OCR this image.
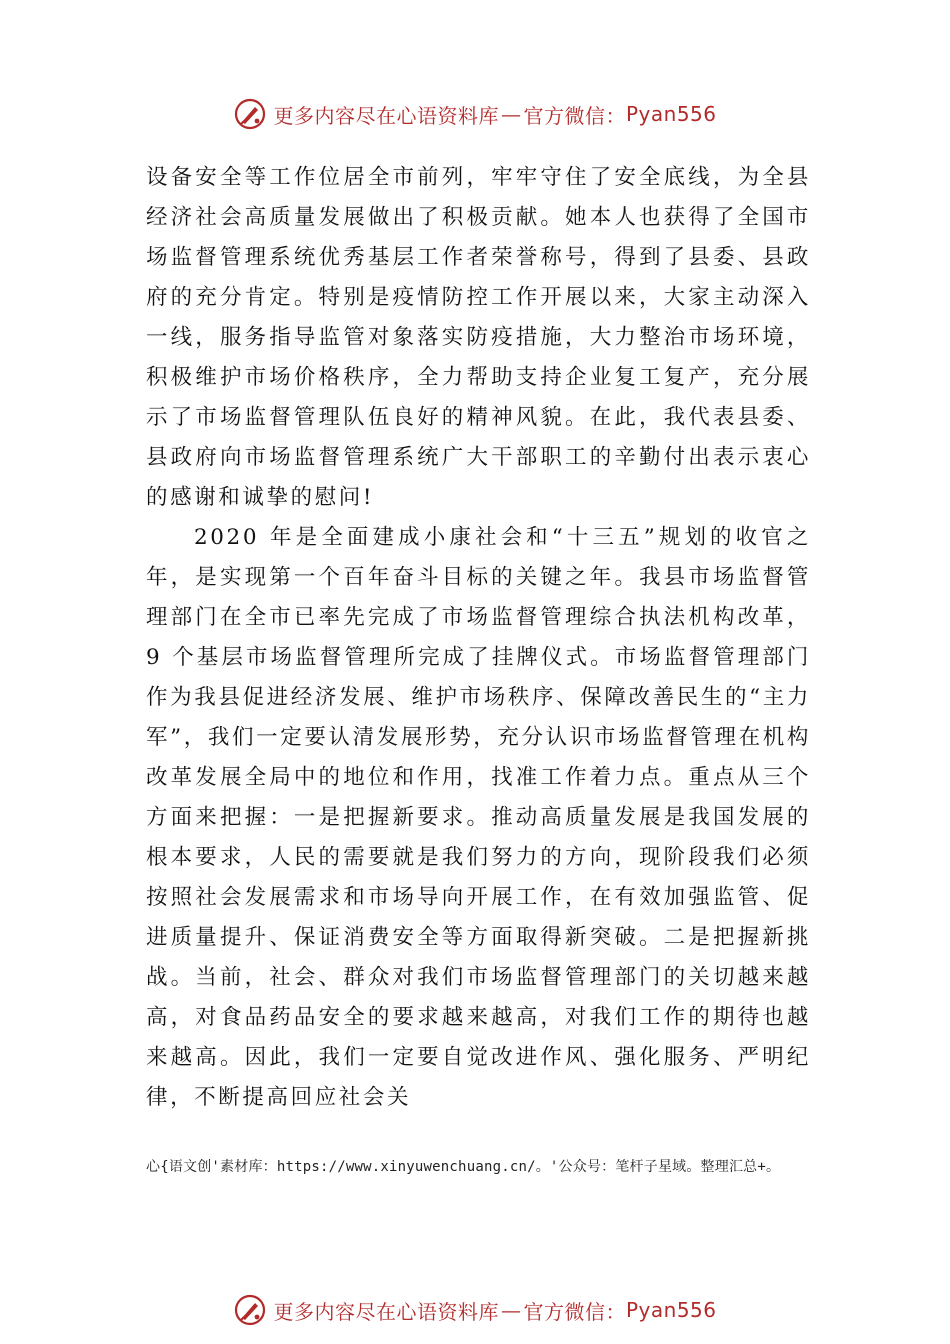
更多内容尽在心语资料库 — 官方微信： Pyan556

设备安全等工作位居全市前列，牢牢守住了安全底线，为全县经济社会高质量发展做出了积极贡献。她本人也获得了全国市场监督管理系统优秀基层工作者荣誉称号，得到了县委、县政府的充分肯定。特别是疫情防控工作开展以来，大家主动深入一线，服务指导监管对象落实防疫措施，大力整治市场环境，积极维护市场价格秩序，全力帮助支持企业复工复产，充分展示了市场监督管理队伍良好的精神风貌。在此，我代表县委、县政府向市场监督管理系统广大干部职工的辛勤付出表示衷心的感谢和诚挚的慰问!

2020 年是全面建成小康社会和“十三五”规划的收官之年，是实现第一个百年奋斗目标的关键之年。我县市场监督管理部门在全市已率先完成了市场监督管理综合执法机构改革，9 个基层市场监督管理所完成了挂牌仪式。市场监督管理部门作为我县促进经济发展、维护市场秩序、保障改善民生的“主力军”，我们一定要认清发展形势，充分认识市场监督管理在机构改革发展全局中的地位和作用，找准工作着力点。重点从三个方面来把握：一是把握新要求。推动高质量发展是我国发展的根本要求，人民的需要就是我们努力的方向，现阶段我们必须按照社会发展需求和市场导向开展工作，在有效加强监管、促进质量提升、保证消费安全等方面取得新突破。二是把握新挑战。当前，社会、群众对我们市场监督管理部门的关切越来越高，对食品药品安全的要求越来越高，对我们工作的期待也越来越高。因此，我们一定要自觉改进作风、强化服务、严明纪律，不断提高回应社会关

心{语文创'素材库：https://www.xinyuwenchuang.cn/。'公众号：笔杆子星域。整理汇总+。
更多内容尽在心语资料库 — 官方微信： Pyan556
